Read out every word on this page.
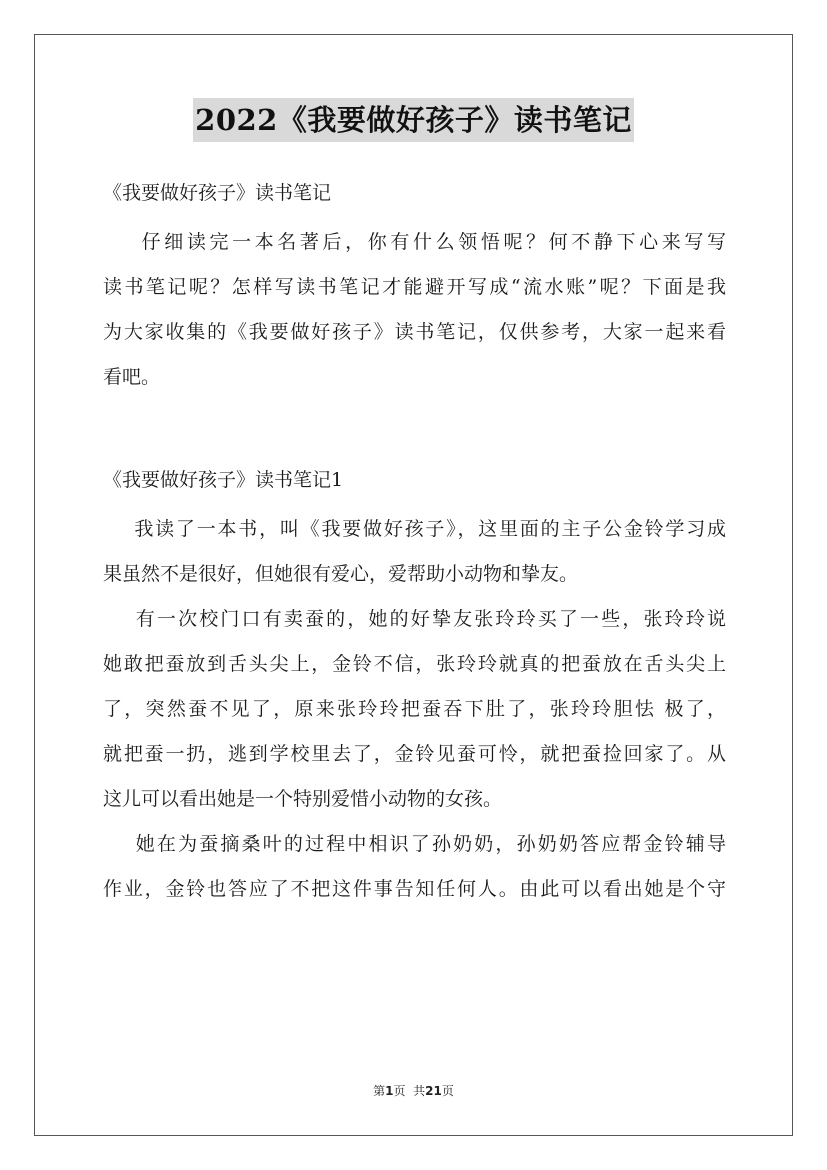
2022《我要做好孩子》读书笔记
《我要做好孩子》读书笔记
仔细读完一本名著后，你有什么领悟呢？何不静下心来写写
读书笔记呢？怎样写读书笔记才能避开写成“流水账”呢？下面是我
为大家收集的《我要做好孩子》读书笔记，仅供参考，大家一起来看
看吧。
《我要做好孩子》读书笔记1
我读了一本书，叫《我要做好孩子》，这里面的主子公金铃学习成
果虽然不是很好，但她很有爱心，爱帮助小动物和挚友。
有一次校门口有卖蚕的，她的好挚友张玲玲买了一些，张玲玲说
她敢把蚕放到舌头尖上，金铃不信，张玲玲就真的把蚕放在舌头尖上
了，突然蚕不见了，原来张玲玲把蚕吞下肚了，张玲玲胆怯 极了，
就把蚕一扔，逃到学校里去了，金铃见蚕可怜，就把蚕捡回家了。从
这儿可以看出她是一个特别爱惜小动物的女孩。
她在为蚕摘桑叶的过程中相识了孙奶奶，孙奶奶答应帮金铃辅导
作业，金铃也答应了不把这件事告知任何人。由此可以看出她是个守
第1页  共21页
